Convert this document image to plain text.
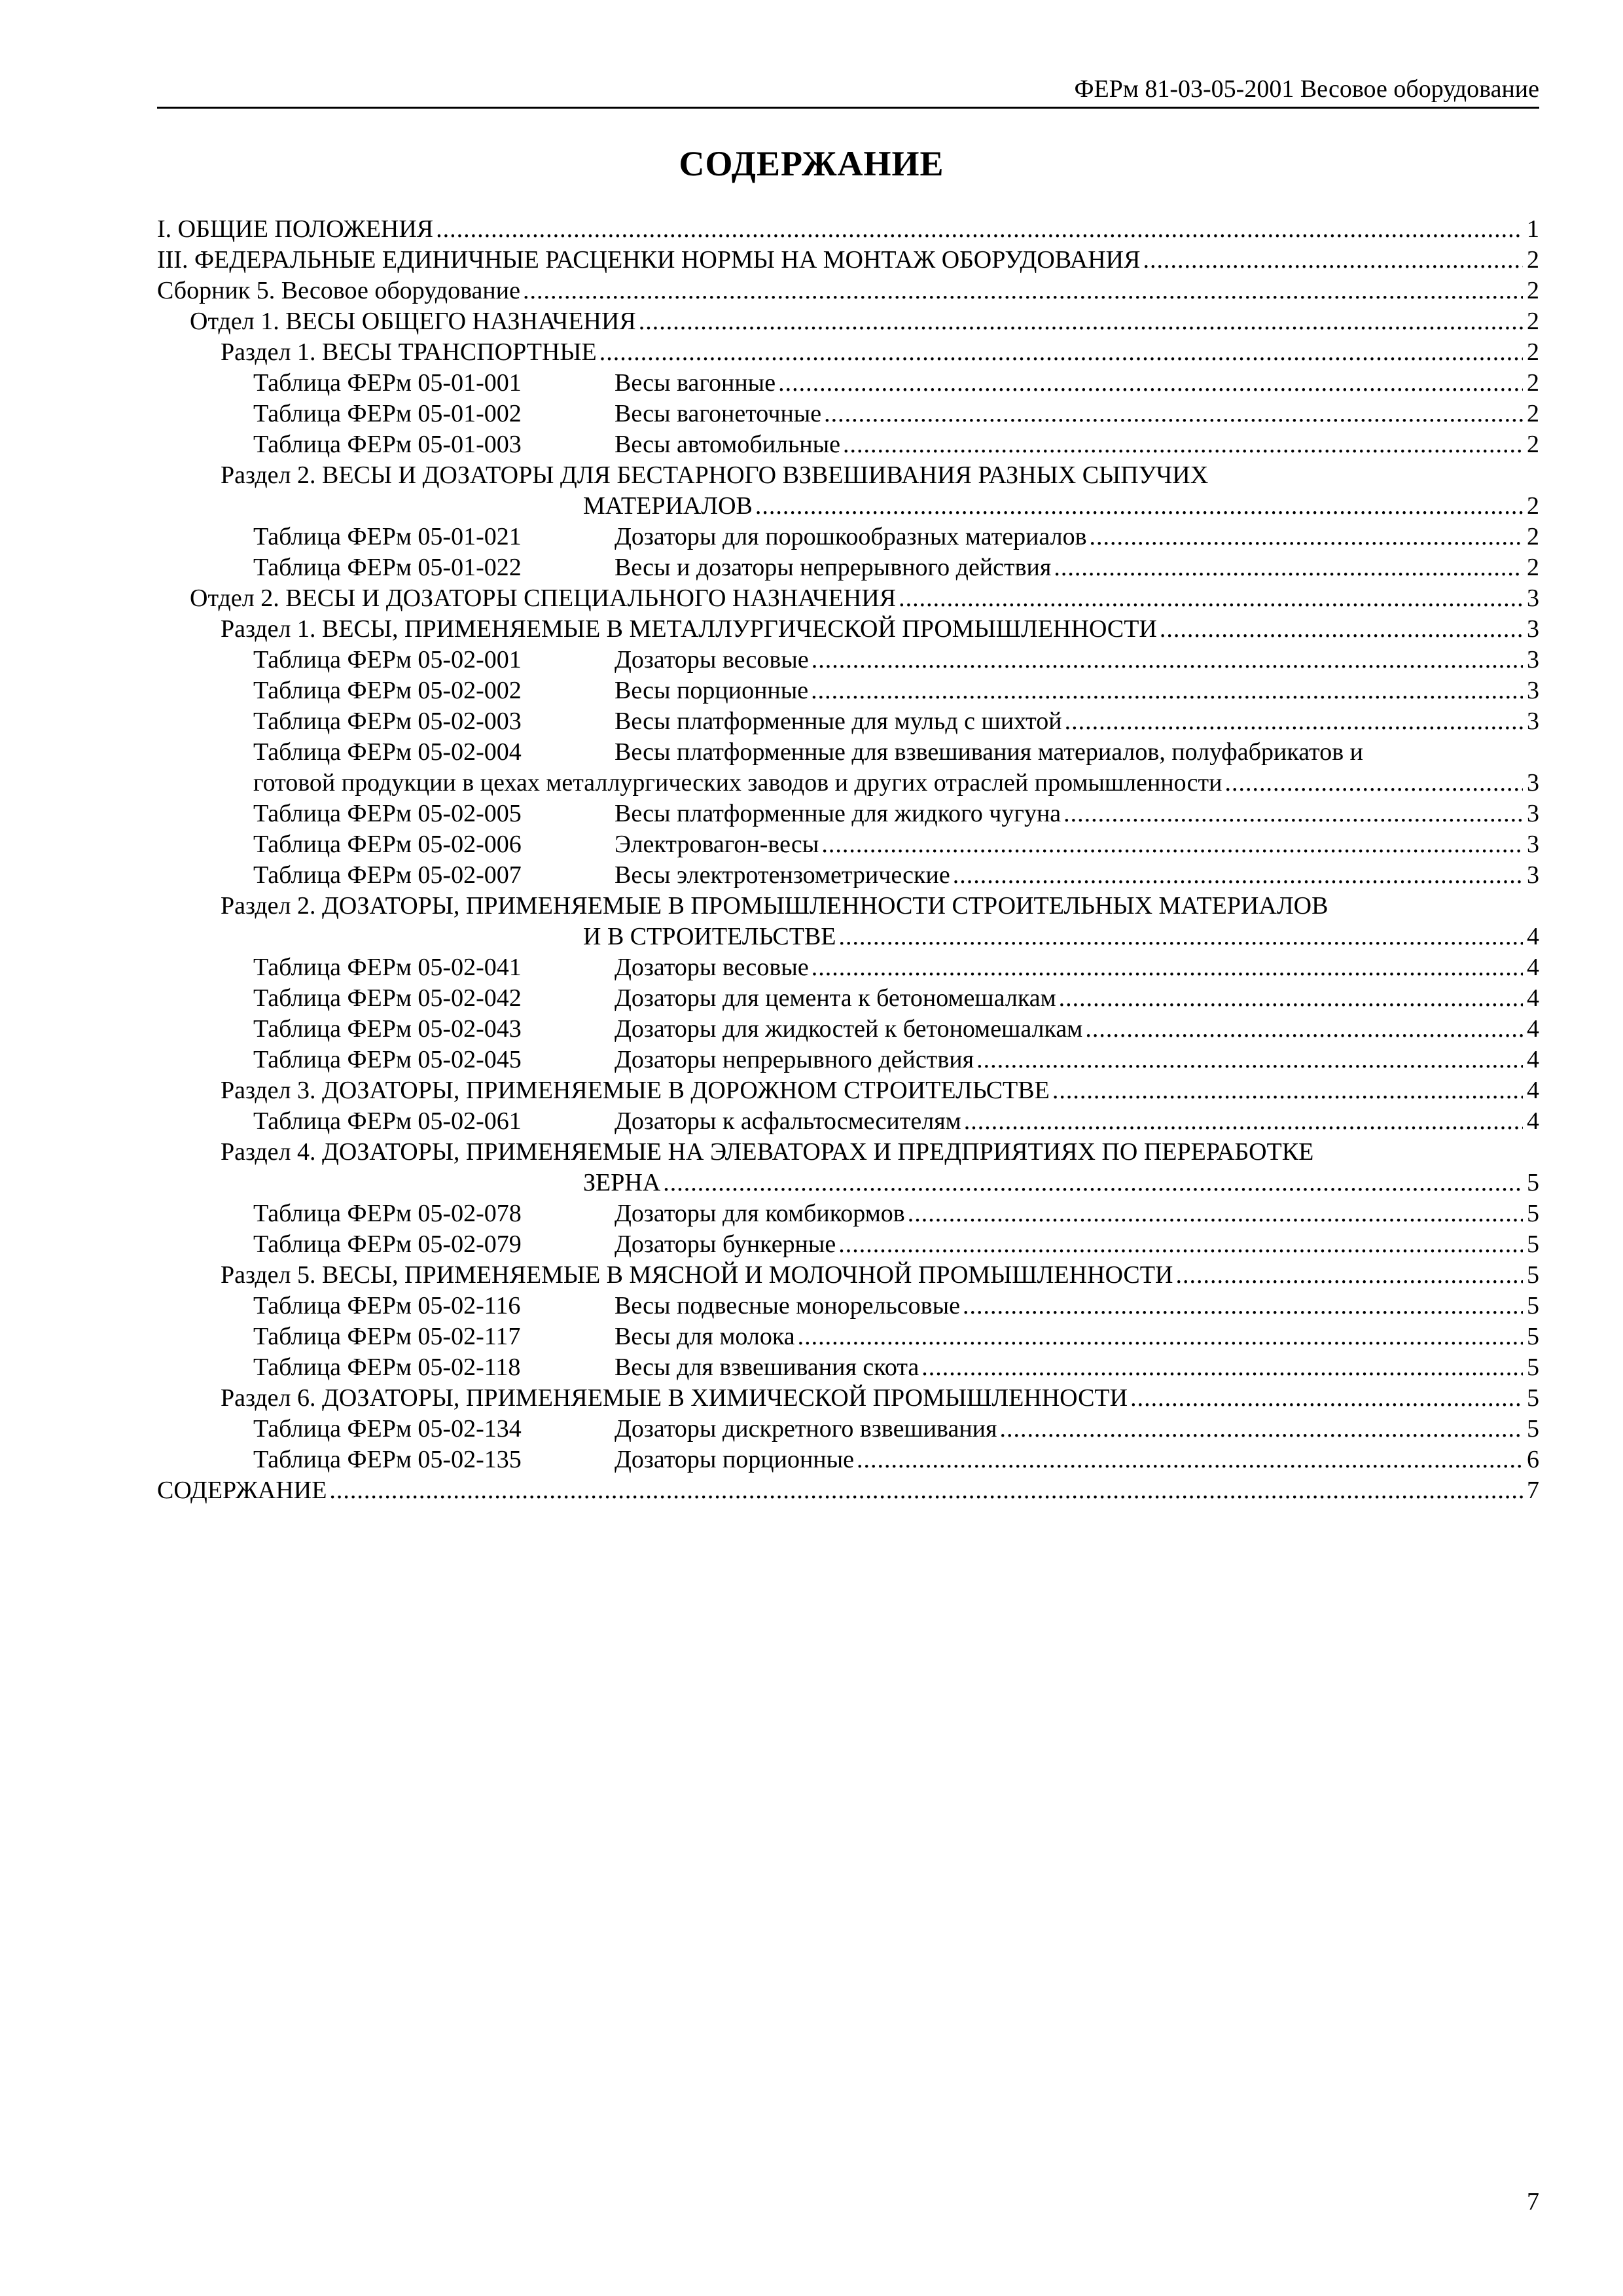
ФЕРм 81-03-05-2001 Весовое оборудование
СОДЕРЖАНИЕ
I. ОБЩИЕ ПОЛОЖЕНИЯ .....	1
III. ФЕДЕРАЛЬНЫЕ ЕДИНИЧНЫЕ РАСЦЕНКИ НОРМЫ НА МОНТАЖ ОБОРУДОВАНИЯ .....	2
Сборник 5. Весовое оборудование .....	2
Отдел 1. ВЕСЫ ОБЩЕГО НАЗНАЧЕНИЯ .....	2
Раздел 1. ВЕСЫ ТРАНСПОРТНЫЕ .....	2
Таблица ФЕРм 05-01-001	Весы вагонные .....	2
Таблица ФЕРм 05-01-002	Весы вагонеточные .....	2
Таблица ФЕРм 05-01-003	Весы автомобильные .....	2
Раздел 2. ВЕСЫ И ДОЗАТОРЫ ДЛЯ БЕСТАРНОГО ВЗВЕШИВАНИЯ РАЗНЫХ СЫПУЧИХ
МАТЕРИАЛОВ .....	2
Таблица ФЕРм 05-01-021	Дозаторы для порошкообразных материалов .....	2
Таблица ФЕРм 05-01-022	Весы и дозаторы непрерывного действия .....	2
Отдел 2. ВЕСЫ И ДОЗАТОРЫ СПЕЦИАЛЬНОГО НАЗНАЧЕНИЯ .....	3
Раздел 1. ВЕСЫ, ПРИМЕНЯЕМЫЕ В МЕТАЛЛУРГИЧЕСКОЙ ПРОМЫШЛЕННОСТИ .....	3
Таблица ФЕРм 05-02-001	Дозаторы весовые .....	3
Таблица ФЕРм 05-02-002	Весы порционные .....	3
Таблица ФЕРм 05-02-003	Весы платформенные для мульд с шихтой .....	3
Таблица ФЕРм 05-02-004	Весы платформенные для взвешивания материалов, полуфабрикатов и
готовой продукции в цехах металлургических заводов и других отраслей промышленности .....	3
Таблица ФЕРм 05-02-005	Весы платформенные для жидкого чугуна .....	3
Таблица ФЕРм 05-02-006	Электровагон-весы .....	3
Таблица ФЕРм 05-02-007	Весы электротензометрические .....	3
Раздел 2. ДОЗАТОРЫ, ПРИМЕНЯЕМЫЕ В ПРОМЫШЛЕННОСТИ СТРОИТЕЛЬНЫХ МАТЕРИАЛОВ
И В СТРОИТЕЛЬСТВЕ .....	4
Таблица ФЕРм 05-02-041	Дозаторы весовые .....	4
Таблица ФЕРм 05-02-042	Дозаторы для цемента к бетономешалкам .....	4
Таблица ФЕРм 05-02-043	Дозаторы для жидкостей к бетономешалкам .....	4
Таблица ФЕРм 05-02-045	Дозаторы непрерывного действия .....	4
Раздел 3. ДОЗАТОРЫ, ПРИМЕНЯЕМЫЕ В ДОРОЖНОМ СТРОИТЕЛЬСТВЕ .....	4
Таблица ФЕРм 05-02-061	Дозаторы к асфальтосмесителям .....	4
Раздел 4. ДОЗАТОРЫ, ПРИМЕНЯЕМЫЕ НА ЭЛЕВАТОРАХ И ПРЕДПРИЯТИЯХ ПО ПЕРЕРАБОТКЕ
ЗЕРНА .....	5
Таблица ФЕРм 05-02-078	Дозаторы для комбикормов .....	5
Таблица ФЕРм 05-02-079	Дозаторы бункерные .....	5
Раздел 5. ВЕСЫ, ПРИМЕНЯЕМЫЕ В МЯСНОЙ И МОЛОЧНОЙ ПРОМЫШЛЕННОСТИ .....	5
Таблица ФЕРм 05-02-116	Весы подвесные монорельсовые .....	5
Таблица ФЕРм 05-02-117	Весы для молока .....	5
Таблица ФЕРм 05-02-118	Весы для взвешивания скота .....	5
Раздел 6. ДОЗАТОРЫ, ПРИМЕНЯЕМЫЕ В ХИМИЧЕСКОЙ ПРОМЫШЛЕННОСТИ .....	5
Таблица ФЕРм 05-02-134	Дозаторы дискретного взвешивания .....	5
Таблица ФЕРм 05-02-135	Дозаторы порционные .....	6
СОДЕРЖАНИЕ .....	7
7
